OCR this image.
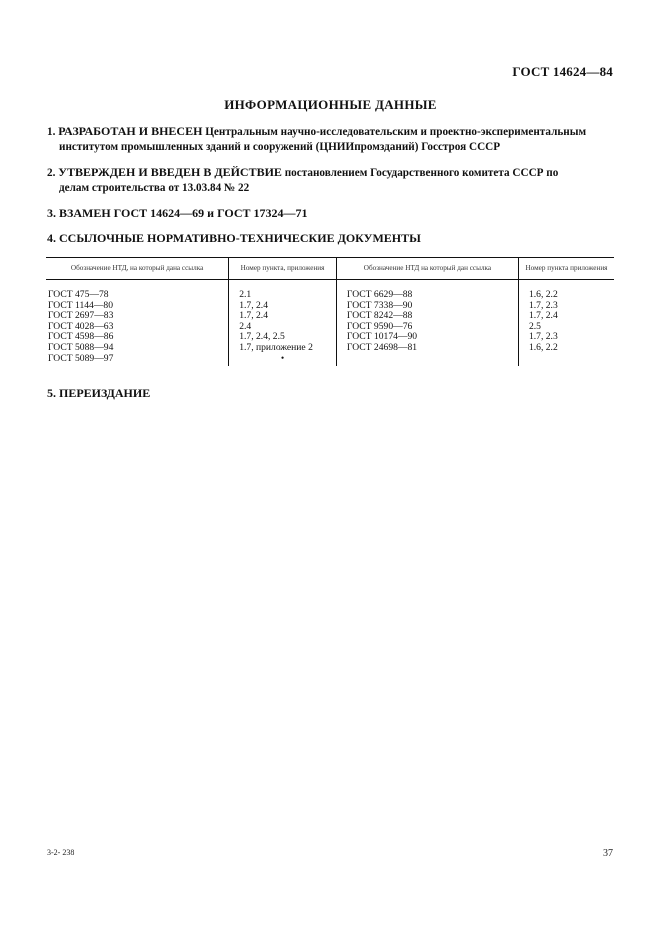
ГОСТ 14624—84
ИНФОРМАЦИОННЫЕ ДАННЫЕ
1. РАЗРАБОТАН И ВНЕСЕН Центральным научно-исследовательским и проектно-экспериментальным
институтом промышленных зданий и сооружений (ЦНИИпромзданий) Госстроя СССР
2. УТВЕРЖДЕН И ВВЕДЕН В ДЕЙСТВИЕ постановлением Государственного комитета СССР по
делам строительства от 13.03.84 № 22
3. ВЗАМЕН ГОСТ 14624—69 и ГОСТ 17324—71
4. ССЫЛОЧНЫЕ НОРМАТИВНО-ТЕХНИЧЕСКИЕ ДОКУМЕНТЫ
Обозначение НТД, на который дана ссылка	Номер пункта, приложения	Обозначение НТД на который дан ссылка	Номер пункта приложения
ГОСТ 475—78	2.1	ГОСТ 6629—88	1.6, 2.2
ГОСТ 1144—80	1.7, 2.4	ГОСТ 7338—90	1.7, 2.3
ГОСТ 2697—83	1.7, 2.4	ГОСТ 8242—88	1.7, 2.4
ГОСТ 4028—63	2.4	ГОСТ 9590—76	2.5
ГОСТ 4598—86	1.7, 2.4, 2.5	ГОСТ 10174—90	1.7, 2.3
ГОСТ 5088—94	1.7, приложение 2	ГОСТ 24698—81	1.6, 2.2
ГОСТ 5089—97	•		
5. ПЕРЕИЗДАНИЕ
3-2- 238	37
